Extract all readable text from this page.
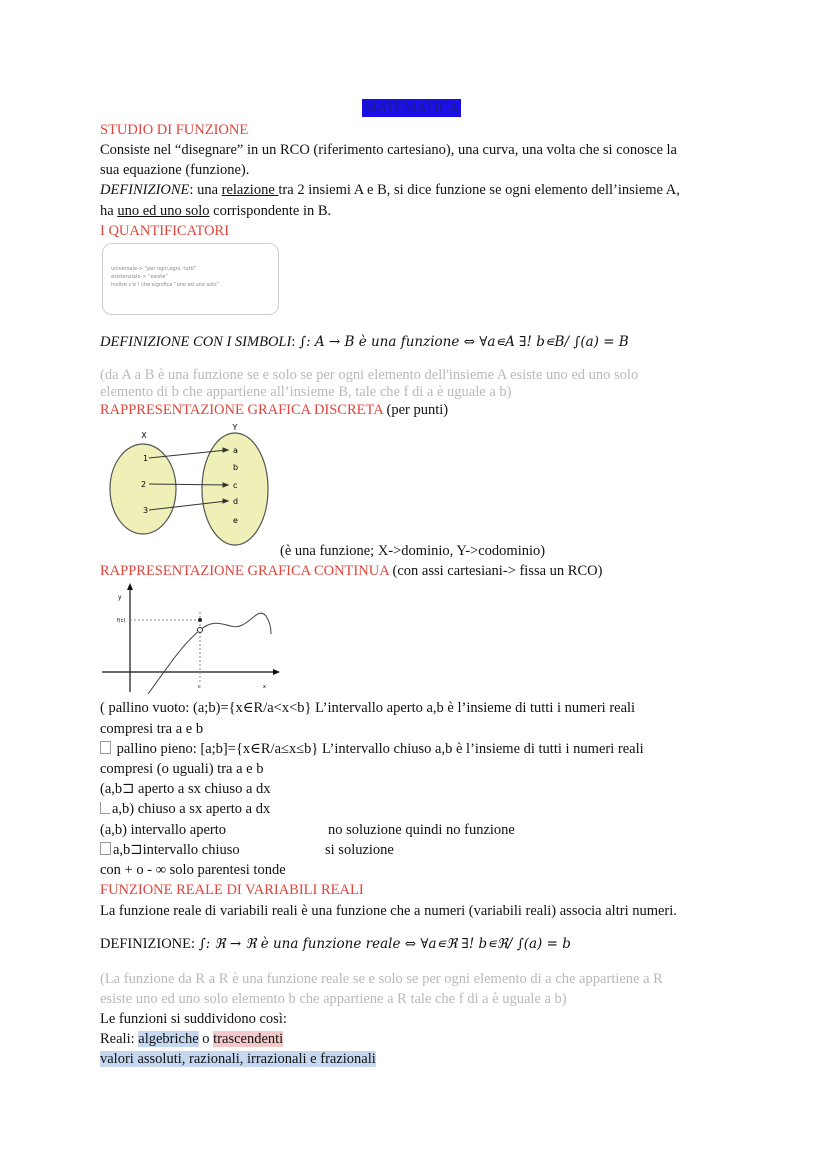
MATEMATICA
STUDIO DI FUNZIONE
Consiste nel “disegnare” in un RCO (riferimento cartesiano), una curva, una volta che si conosce la
sua equazione (funzione).
DEFINIZIONE: una relazione tra 2 insiemi A e B, si dice funzione se ogni elemento dell’insieme A,
ha uno ed uno solo corrispondente in B.
I QUANTIFICATORI
universale-> “per ogni,ogni, tutti”
esistenziale-> “esiste”
inoltre c’è ! che significa “uno ed uno solo”
DEFINIZIONE CON I SIMBOLI: ∫: A → B è una funzione ⇔ ∀a∊A ∃! b∊B/ ∫(a) = B
(da A a B è una funzione se e solo se per ogni elemento dell'insieme A esiste uno ed uno solo
elemento di b che appartiene all’insieme B, tale che f di a è uguale a b)
RAPPRESENTAZIONE GRAFICA DISCRETA (per punti)
X
Y
1
2
3
a
b
c
d
e
(è una funzione; X->dominio, Y->codominio)
RAPPRESENTAZIONE GRAFICA CONTINUA (con assi cartesiani-> fissa un RCO)
y
f(c)
c	x
( pallino vuoto: (a;b)={x∈R/a<x<b} L’intervallo aperto a,b è l’insieme di tutti i numeri reali
compresi tra a e b
pallino pieno: [a;b]={x∈R/a≤x≤b} L’intervallo chiuso a,b è l’insieme di tutti i numeri reali
compresi (o uguali) tra a e b
(a,b⊐ aperto a sx chiuso a dx
a,b) chiuso a sx aperto a dx
(a,b) intervallo aperto	no soluzione quindi no funzione
a,b⊐intervallo chiuso	si soluzione
con + o - ∞ solo parentesi tonde
FUNZIONE REALE DI VARIABILI REALI
La funzione reale di variabili reali è una funzione che a numeri (variabili reali) associa altri numeri.
DEFINIZIONE: ∫: ℜ → ℜ è una funzione reale ⇔ ∀a∊ℜ ∃! b∊ℜ/ ∫(a) = b
(La funzione da R a R è una funzione reale se e solo se per ogni elemento di a che appartiene a R
esiste uno ed uno solo elemento b che appartiene a R tale che f di a è uguale a b)
Le funzioni si suddividono così:
Reali: algebriche o trascendenti
valori assoluti, razionali, irrazionali e frazionali
